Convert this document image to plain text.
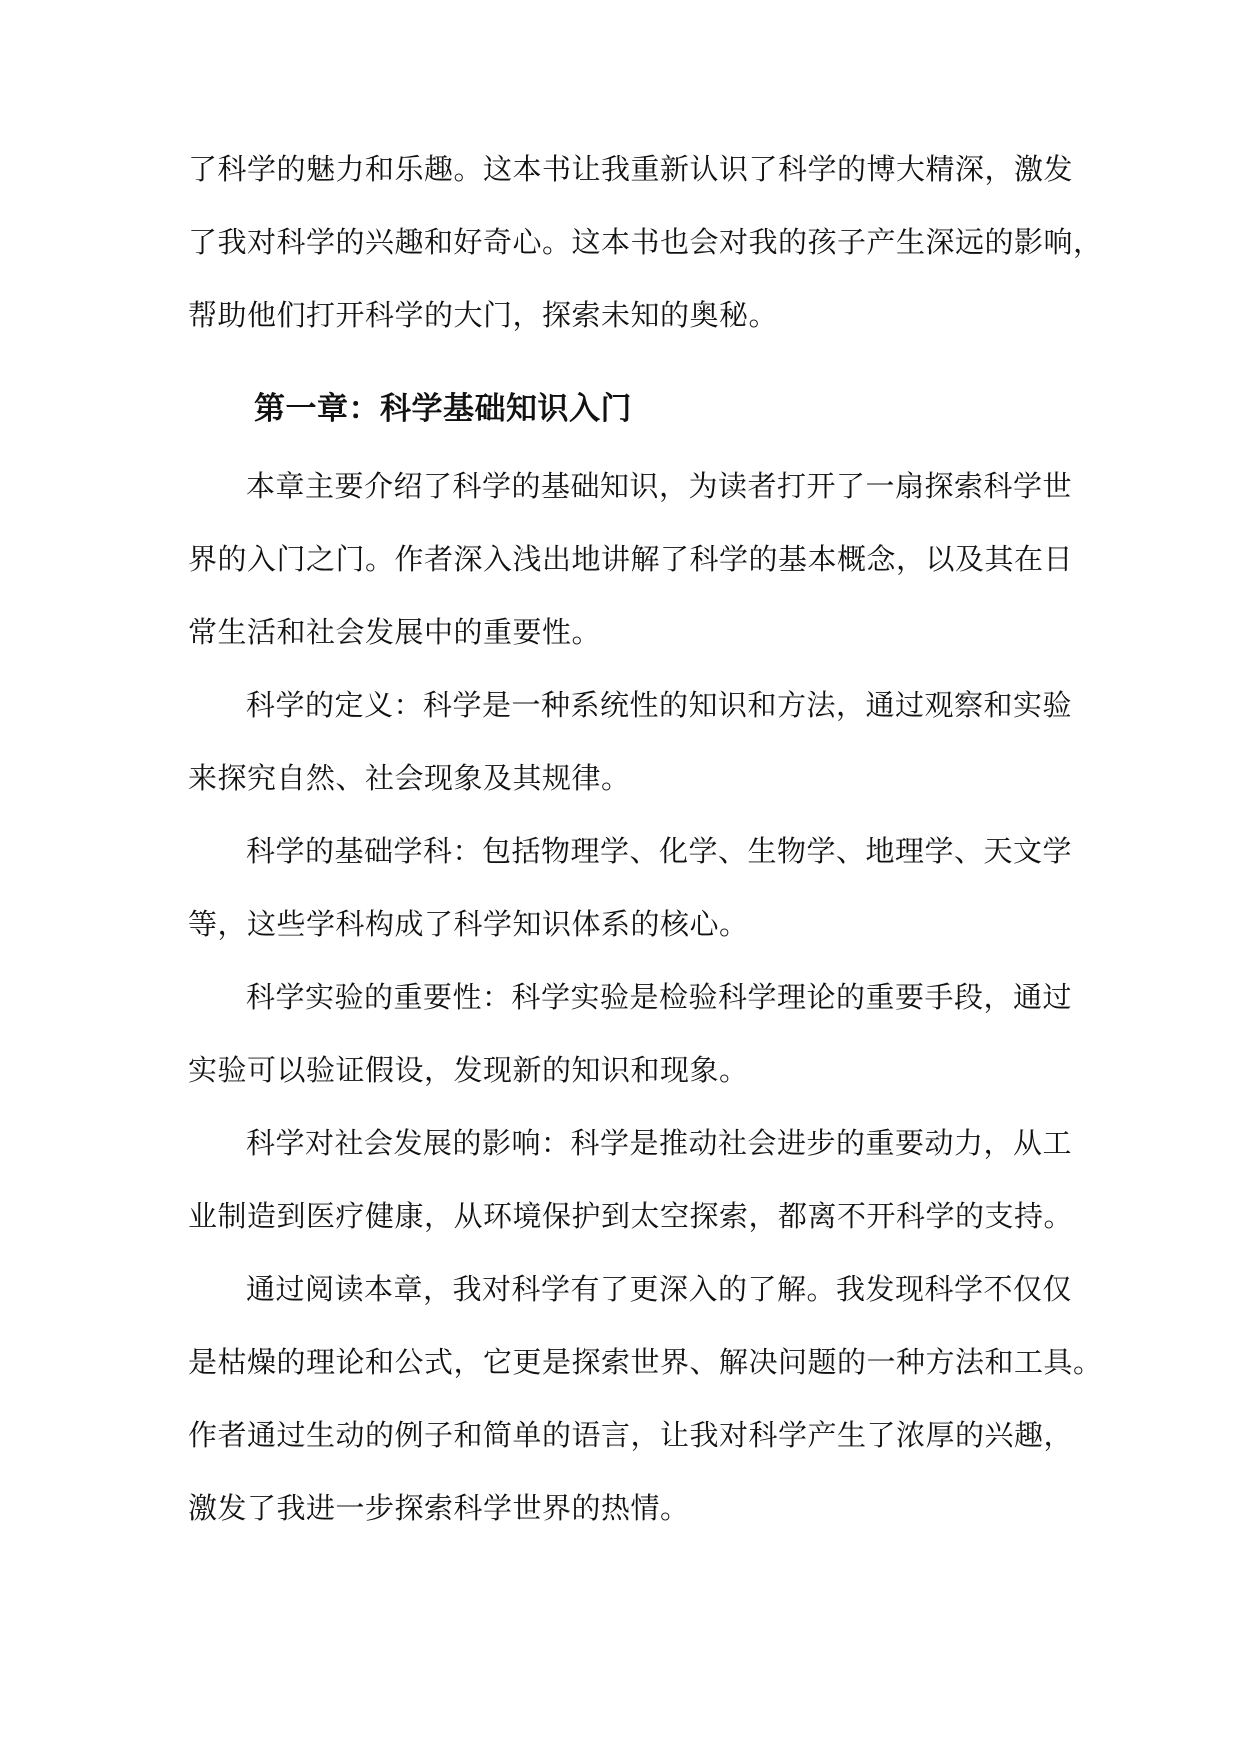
了科学的魅力和乐趣。这本书让我重新认识了科学的博大精深，激发
了我对科学的兴趣和好奇心。这本书也会对我的孩子产生深远的影响，
帮助他们打开科学的大门，探索未知的奥秘。
第一章：科学基础知识入门
本章主要介绍了科学的基础知识，为读者打开了一扇探索科学世
界的入门之门。作者深入浅出地讲解了科学的基本概念，以及其在日
常生活和社会发展中的重要性。
科学的定义：科学是一种系统性的知识和方法，通过观察和实验
来探究自然、社会现象及其规律。
科学的基础学科：包括物理学、化学、生物学、地理学、天文学
等，这些学科构成了科学知识体系的核心。
科学实验的重要性：科学实验是检验科学理论的重要手段，通过
实验可以验证假设，发现新的知识和现象。
科学对社会发展的影响：科学是推动社会进步的重要动力，从工
业制造到医疗健康，从环境保护到太空探索，都离不开科学的支持。
通过阅读本章，我对科学有了更深入的了解。我发现科学不仅仅
是枯燥的理论和公式，它更是探索世界、解决问题的一种方法和工具。
作者通过生动的例子和简单的语言，让我对科学产生了浓厚的兴趣，
激发了我进一步探索科学世界的热情。
